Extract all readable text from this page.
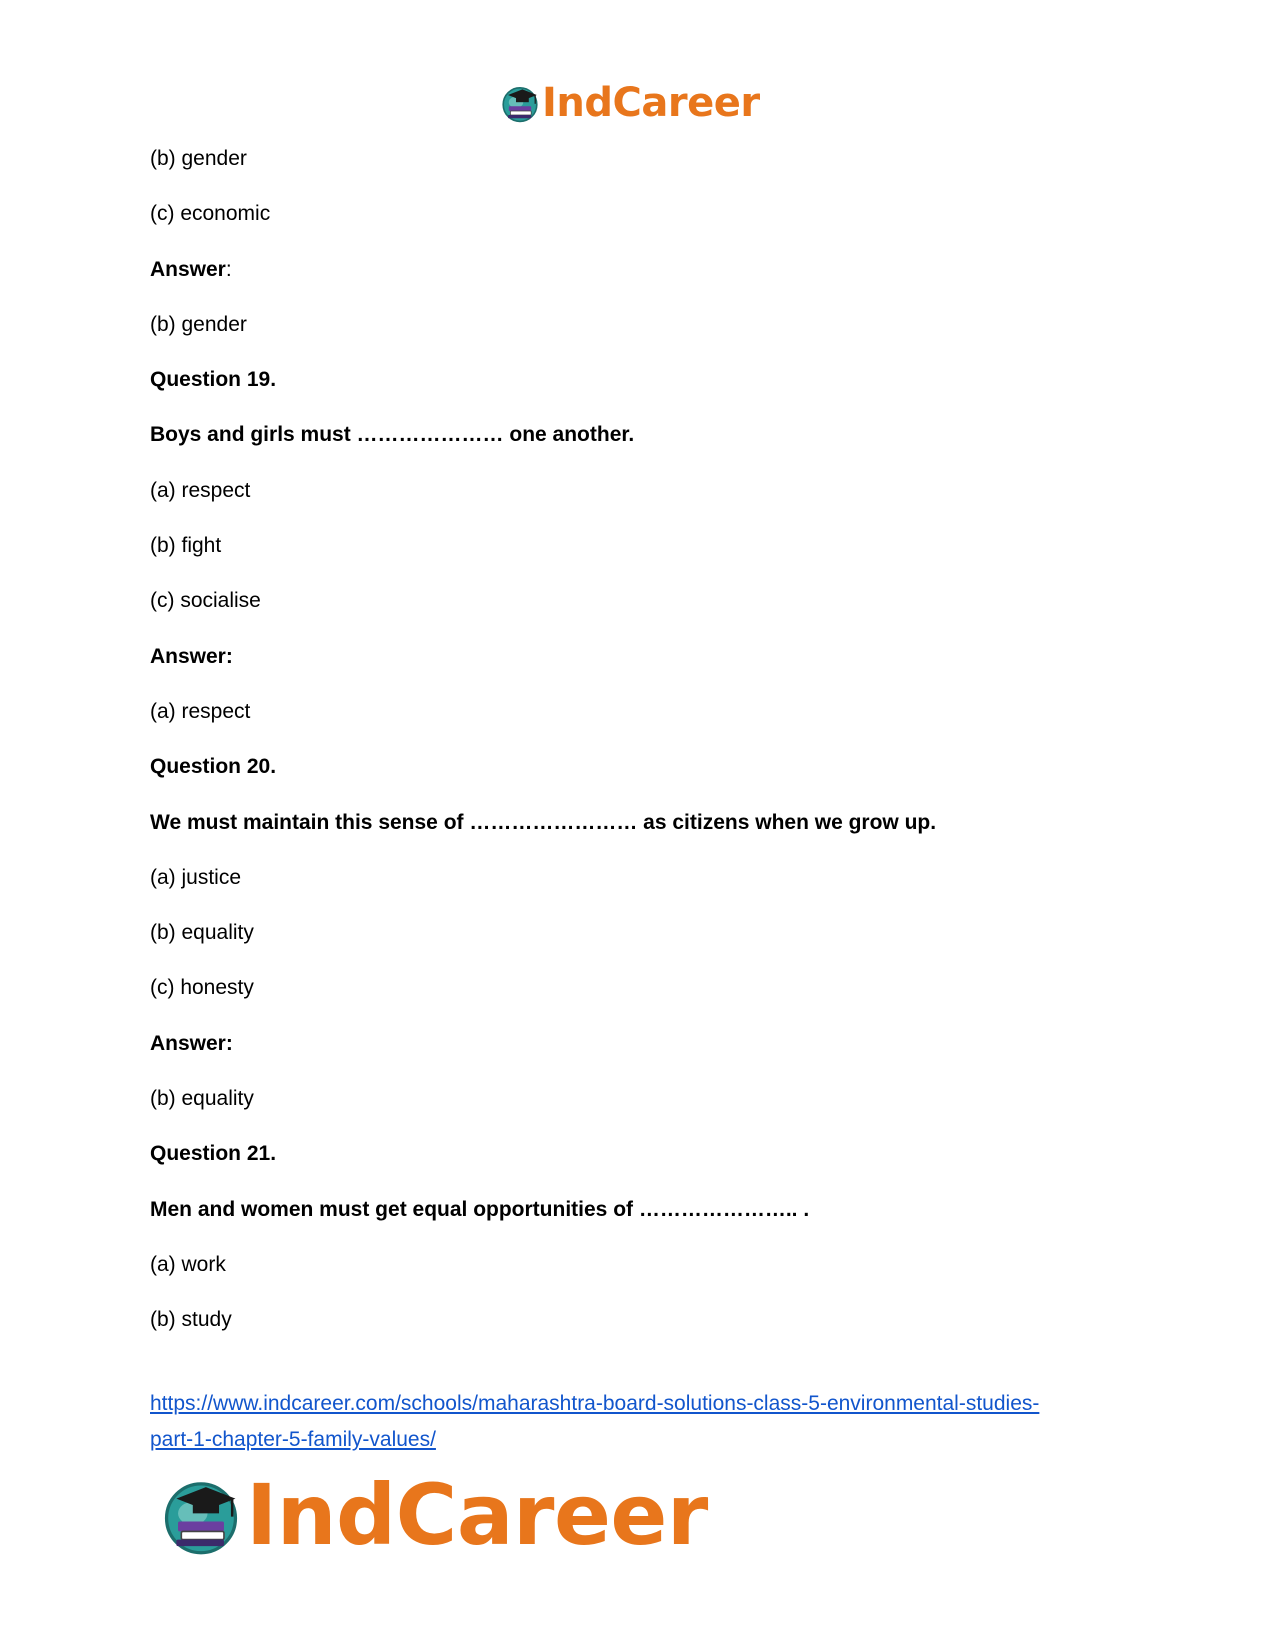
IndCareer
(b) gender
(c) economic
Answer:
(b) gender
Question 19.
Boys and girls must ………………… one another.
(a) respect
(b) fight
(c) socialise
Answer:
(a) respect
Question 20.
We must maintain this sense of …………………… as citizens when we grow up.
(a) justice
(b) equality
(c) honesty
Answer:
(b) equality
Question 21.
Men and women must get equal opportunities of ………………….. .
(a) work
(b) study
https://www.indcareer.com/schools/maharashtra-board-solutions-class-5-environmental-studies-
part-1-chapter-5-family-values/
IndCareer
